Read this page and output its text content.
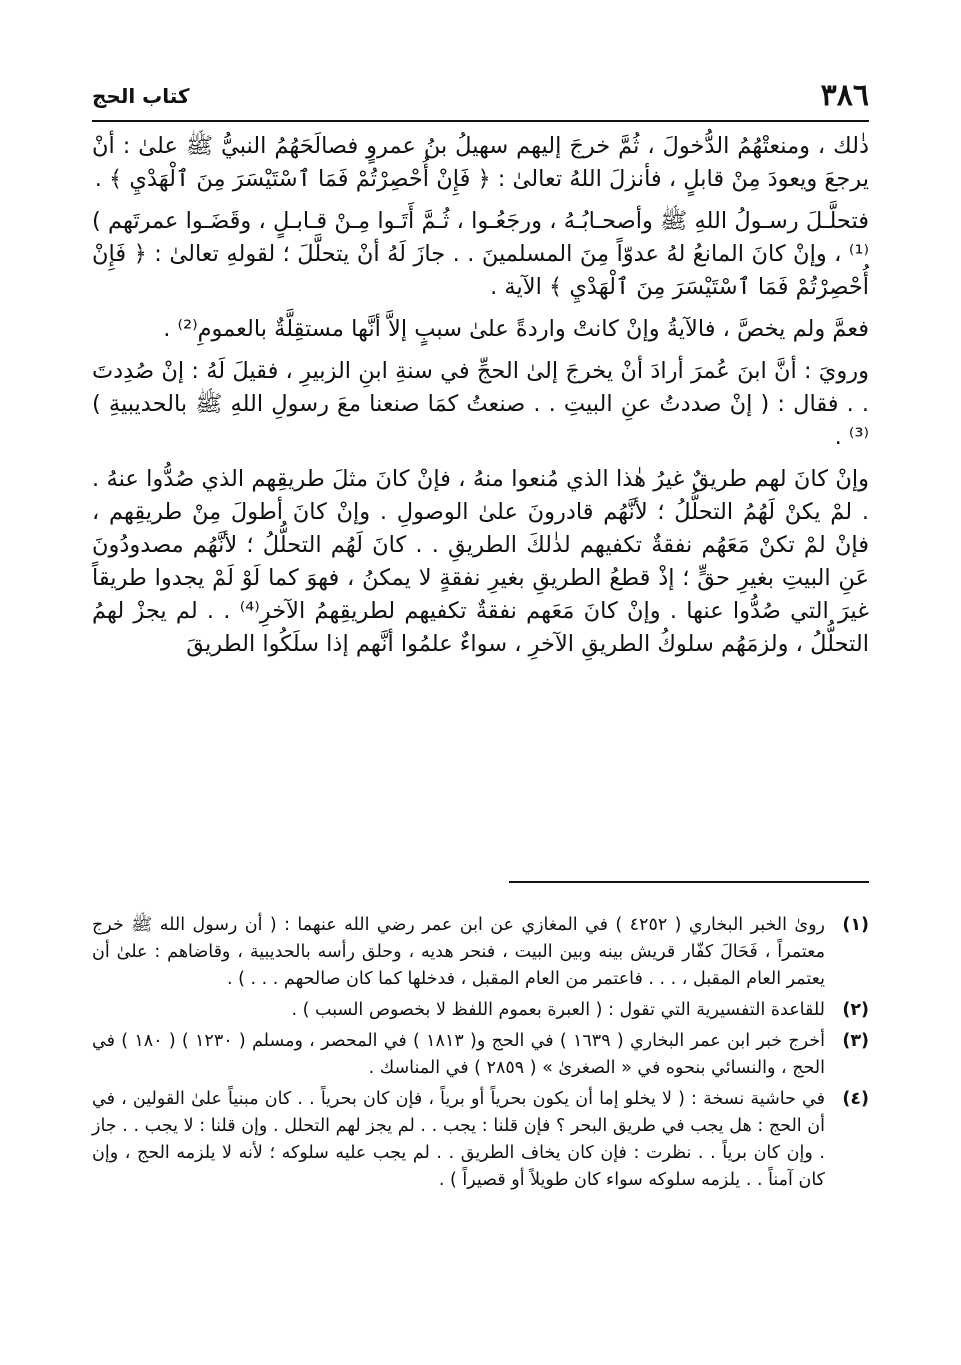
٣٨٦
كتاب الحج

ذٰلك ، ومنعتْهُمُ الدُّخولَ ، ثُمَّ خرجَ إليهم سهيلُ بنُ عمروٍ فصالَحَهُمُ النبيُّ ﷺ علىٰ : أنْ يرجعَ ويعودَ مِنْ قابلٍ ، فأنزلَ اللهُ تعالىٰ : ﴿ فَإِنْ أُحْصِرْتُمْ فَمَا ٱسْتَيْسَرَ مِنَ ٱلْهَدْيِ ﴾ .

فتحلَّـلَ رسـولُ اللهِ ﷺ وأصحـابُـهُ ، ورجَعُـوا ، ثُـمَّ أَتَـوا مِـنْ قـابـلٍ ، وقَضَـوا عمرتَهم )⁽¹⁾ ، وإنْ كانَ المانعُ لهُ عدوّاً مِنَ المسلمينَ . . جازَ لَهُ أنْ يتحلَّلَ ؛ لقولهِ تعالىٰ : ﴿ فَإِنْ أُحْصِرْتُمْ فَمَا ٱسْتَيْسَرَ مِنَ ٱلْهَدْيِ ﴾ الآية .

فعمَّ ولم يخصَّ ، فالآيةُ وإنْ كانتْ واردةً علىٰ سببٍ إلاَّ أنَّها مستقِلَّةٌ بالعمومِ⁽²⁾ .

ورويَ : أنَّ ابنَ عُمرَ أرادَ أنْ يخرجَ إلىٰ الحجِّ في سنةِ ابنِ الزبيرِ ، فقيلَ لَهُ : إنْ صُدِدتَ . . فقال : ( إنْ صددتُ عنِ البيتِ . . صنعتُ كمَا صنعنا معَ رسولِ اللهِ ﷺ بالحديبيةِ )⁽³⁾ .

وإنْ كانَ لهم طريقٌ غيرُ هٰذا الذي مُنعوا منهُ ، فإنْ كانَ مثلَ طريقِهم الذي صُدُّوا عنهُ . . لمْ يكنْ لَهُمُ التحلُّلُ ؛ لأنَّهُم قادرونَ علىٰ الوصولِ . وإنْ كانَ أطولَ مِنْ طريقِهم ، فإنْ لمْ تكنْ مَعَهُم نفقةٌ تكفيهم لذٰلكَ الطريقِ . . كانَ لَهُم التحلُّلُ ؛ لأنَّهُم مصدودُونَ عَنِ البيتِ بغيرِ حقٍّ ؛ إذْ قطعُ الطريقِ بغيرِ نفقةٍ لا يمكنُ ، فهوَ كما لَوْ لَمْ يجدوا طريقاً غيرَ التي صُدُّوا عنها . وإنْ كانَ مَعَهم نفقةٌ تكفيهم لطريقِهمُ الآخرِ⁽⁴⁾ . . لم يجزْ لهمُ التحلُّلُ ، ولزمَهُم سلوكُ الطريقِ الآخرِ ، سواءٌ علمُوا أنَّهم إذا سلَكُوا الطريقَ

(١)
روىٰ الخبر البخاري ( ٤٢٥٢ ) في المغازي عن ابن عمر رضي الله عنهما : ( أن رسول الله ﷺ خرج معتمراً ، فَحَالَ كفّار قريش بينه وبين البيت ، فنحر هديه ، وحلق رأسه بالحديبية ، وقاضاهم : علىٰ أن يعتمر العام المقبل ، . . . فاعتمر من العام المقبل ، فدخلها كما كان صالحهم . . . ) .
(٢)
للقاعدة التفسيرية التي تقول : ( العبرة بعموم اللفظ لا بخصوص السبب ) .
(٣)
أخرج خبر ابن عمر البخاري ( ١٦٣٩ ) في الحج و( ١٨١٣ ) في المحصر ، ومسلم ( ١٢٣٠ ) ( ١٨٠ ) في الحج ، والنسائي بنحوه في « الصغرىٰ » ( ٢٨٥٩ ) في المناسك .
(٤)
في حاشية نسخة : ( لا يخلو إما أن يكون بحرياً أو برياً ، فإن كان بحرياً . . كان مبنياً علىٰ القولين ، في أن الحج : هل يجب في طريق البحر ؟ فإن قلنا : يجب . . لم يجز لهم التحلل . وإن قلنا : لا يجب . . جاز . وإن كان برياً . . نظرت : فإن كان يخاف الطريق . . لم يجب عليه سلوكه ؛ لأنه لا يلزمه الحج ، وإن كان آمناً . . يلزمه سلوكه سواء كان طويلاً أو قصيراً ) .
